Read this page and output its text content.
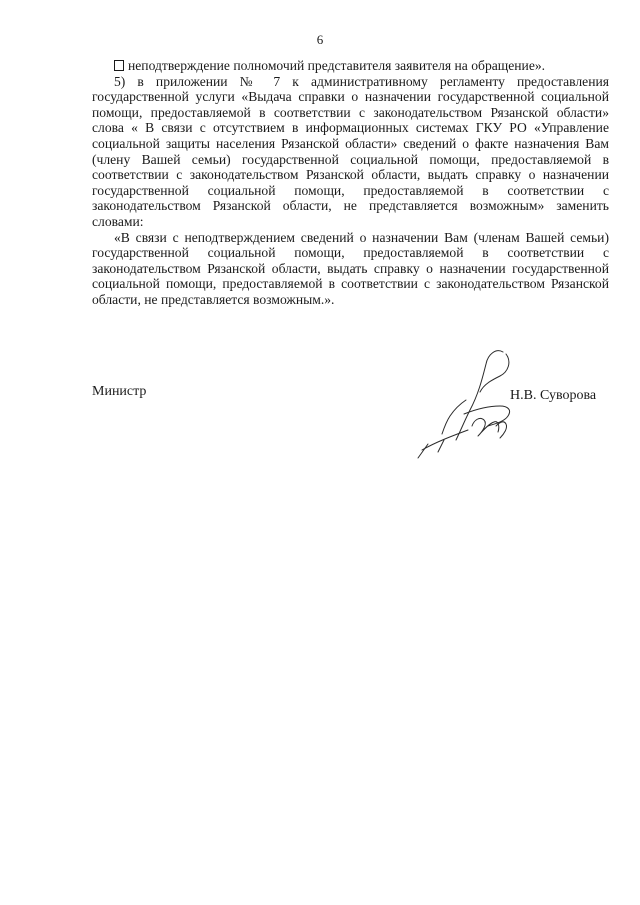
6

неподтверждение полномочий представителя заявителя на обращение».

5) в приложении № 7 к административному регламенту предоставления государственной услуги «Выдача справки о назначении государственной социальной помощи, предоставляемой в соответствии с законодательством Рязанской области» слова « В связи с отсутствием в информационных системах ГКУ РО «Управление социальной защиты населения Рязанской области» сведений о факте назначения Вам (члену Вашей семьи) государственной социальной помощи, предоставляемой в соответствии с законодательством Рязанской области, выдать справку о назначении государственной социальной помощи, предоставляемой в соответствии с законодательством Рязанской области, не представляется возможным» заменить словами:

«В связи с неподтверждением сведений о назначении Вам (членам Вашей семьи) государственной социальной помощи, предоставляемой в соответствии с законодательством Рязанской области, выдать справку о назначении государственной социальной помощи, предоставляемой в соответствии с законодательством Рязанской области, не представляется возможным.».

Министр	Н.В. Суворова
